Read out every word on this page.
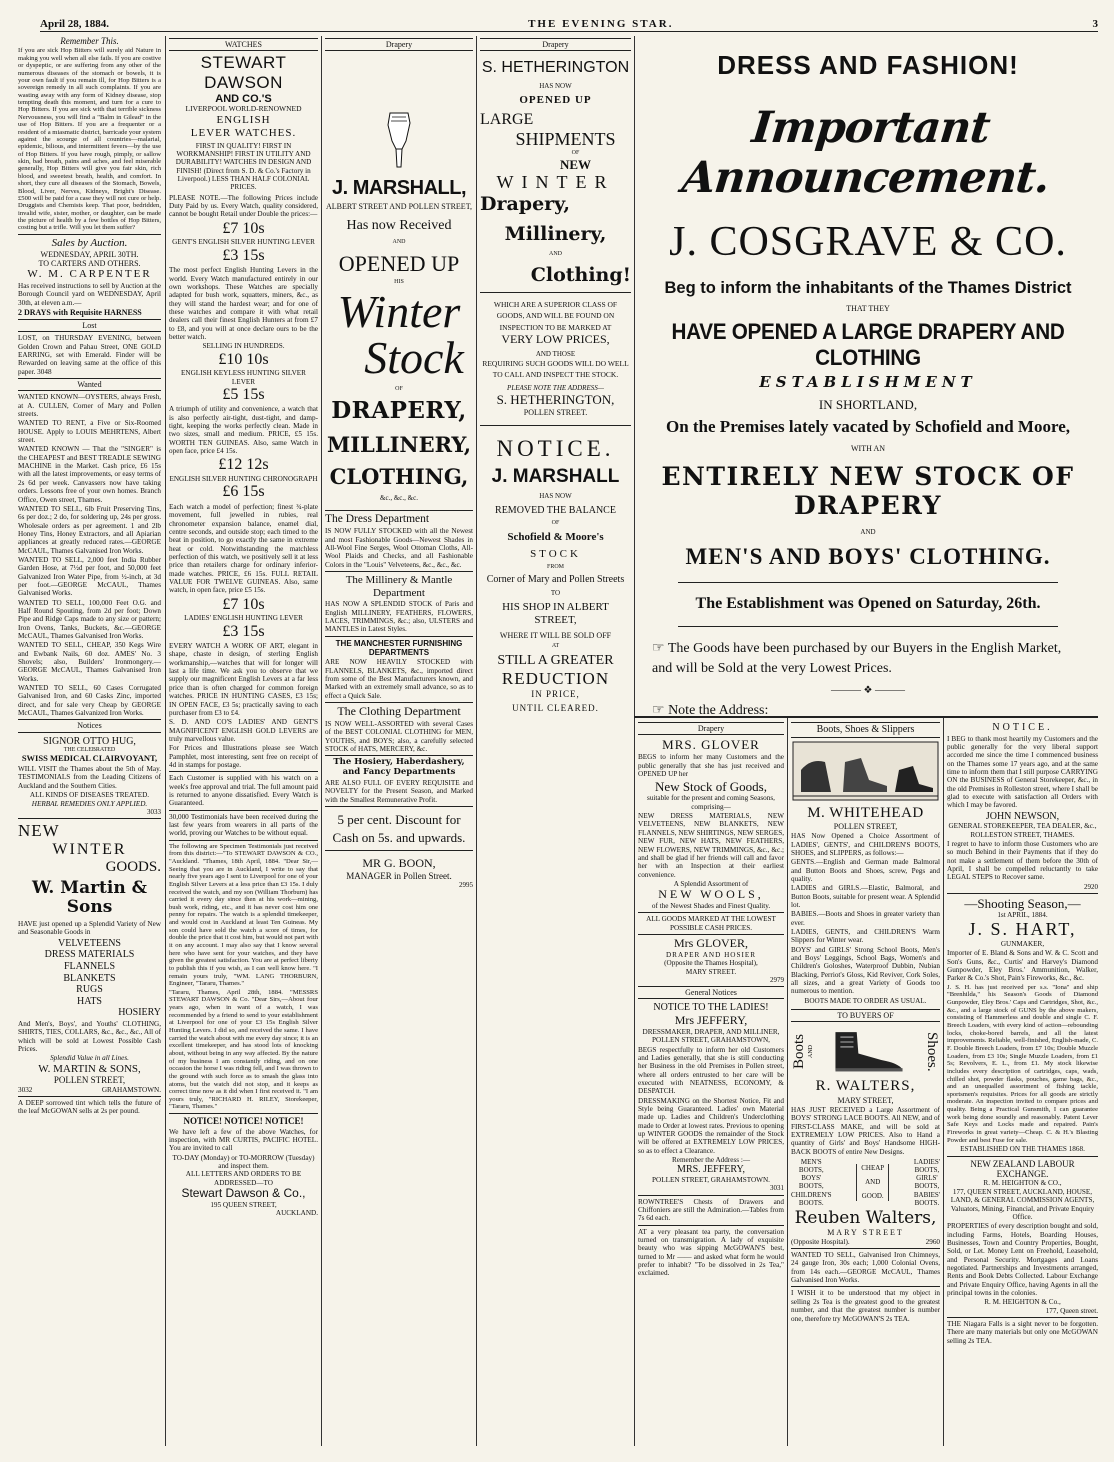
April 28, 1884.	THE EVENING STAR.	3
Remember This.
If you are sick Hop Bitters will surely aid Nature in making you well when all else fails. If you are costive or dyspeptic, or are suffering from any other of the numerous diseases of the stomach or bowels, it is your own fault if you remain ill, for Hop Bitters is a sovereign remedy in all such complaints. If you are wasting away with any form of Kidney disease, stop tempting death this moment, and turn for a cure to Hop Bitters. If you are sick with that terrible sickness Nervousness, you will find a "Balm in Gilead" in the use of Hop Bitters. If you are a frequenter or a resident of a miasmatic district, barricade your system against the scourge of all countries—malarial, epidemic, bilious, and intermittent fevers—by the use of Hop Bitters. If you have rough, pimply, or sallow skin, bad breath, pains and aches, and feel miserable generally, Hop Bitters will give you fair skin, rich blood, and sweetest breath, health, and comfort. In short, they cure all diseases of the Stomach, Bowels, Blood, Liver, Nerves, Kidneys, Bright's Disease. £500 will be paid for a case they will not cure or help. Druggists and Chemists keep. That poor, bedridden, invalid wife, sister, mother, or daughter, can be made the picture of health by a few bottles of Hop Bitters, costing but a trifle. Will you let them suffer?
Sales by Auction.
WEDNESDAY, APRIL 30TH.
TO CARTERS AND OTHERS.
W. M. CARPENTER
Has received instructions to sell by Auction at the Borough Council yard on WEDNESDAY, April 30th, at eleven a.m.—
2 DRAYS with Requisite HARNESS
Lost
LOST, on THURSDAY EVENING, between Golden Crown and Pahau Street, ONE GOLD EARRING, set with Emerald. Finder will be Rewarded on leaving same at the office of this paper. 3048
Wanted
WANTED KNOWN—OYSTERS, always Fresh, at A. CULLEN, Corner of Mary and Pollen streets.
WANTED TO RENT, a Five or Six-Roomed HOUSE. Apply to LOUIS MEHRTENS, Albert street.
WANTED KNOWN — That the "SINGER" is the CHEAPEST and BEST TREADLE SEWING MACHINE in the Market. Cash price, £6 15s with all the latest improvements, or easy terms of 2s 6d per week. Canvassers now have taking orders. Lessons free of your own homes. Branch Office, Owen street, Thames.
WANTED TO SELL, 6lb Fruit Preserving Tins, 6s per doz.; 2 do, for soldering up, 24s per gross. Wholesale orders as per agreement. 1 and 2lb Honey Tins, Honey Extractors, and all Apiarian appliances at greatly reduced rates.—GEORGE McCAUL, Thames Galvanised Iron Works.
WANTED TO SELL, 2,000 feet India Rubber Garden Hose, at 7½d per foot, and 50,000 feet Galvanized Iron Water Pipe, from ½-inch, at 3d per foot.—GEORGE McCAUL, Thames Galvanised Works.
WANTED TO SELL, 100,000 Feet O.G. and Half Round Spouting, from 2d per foot; Down Pipe and Ridge Caps made to any size or pattern; Iron Ovens, Tanks, Buckets, &c.—GEORGE McCAUL, Thames Galvanised Iron Works.
WANTED TO SELL, CHEAP, 350 Kegs Wire and Ewbank Nails, 60 doz. AMES' No. 3 Shovels; also, Builders' Ironmongery.—GEORGE McCAUL, Thames Galvanised Iron Works.
WANTED TO SELL, 60 Cases Corrugated Galvanised Iron, and 60 Casks Zinc, imported direct, and for sale very Cheap by GEORGE McCAUL, Thames Galvanized Iron Works.
Notices
SIGNOR OTTO HUG,
THE CELEBRATED
SWISS MEDICAL CLAIRVOYANT,
WILL VISIT the Thames about the 5th of May. TESTIMONIALS from the Leading Citizens of Auckland and the Southern Cities.
ALL KINDS OF DISEASES TREATED.
HERBAL REMEDIES ONLY APPLIED.
3033
NEW
WINTER
GOODS.
W. Martin & Sons
HAVE just opened up a Splendid Variety of New and Seasonable Goods in
VELVETEENS
DRESS MATERIALS
FLANNELS
BLANKETS
RUGS
HATS
HOSIERY
And Men's, Boys', and Youths' CLOTHING, SHIRTS, TIES, COLLARS, &c., &c., &c., All of which will be sold at Lowest Possible Cash Prices.
Splendid Value in all Lines.
W. MARTIN & SONS,
POLLEN STREET,
3032	GRAHAMSTOWN.
A DEEP sorrowed tint which tells the future of the leaf McGOWAN sells at 2s per pound.
WATCHES
STEWART DAWSON
AND CO.'S
LIVERPOOL WORLD-RENOWNED
ENGLISH
LEVER WATCHES.
FIRST IN QUALITY! FIRST IN WORKMANSHIP! FIRST IN UTILITY AND DURABILITY! WATCHES IN DESIGN AND FINISH! (Direct from S. D. & Co.'s Factory in Liverpool.) LESS THAN HALF COLONIAL PRICES.
PLEASE NOTE.—The following Prices include Duty Paid by us. Every Watch, quality considered, cannot be bought Retail under Double the prices:—
£7 10s
GENT'S ENGLISH SILVER HUNTING LEVER
£3 15s
The most perfect English Hunting Levers in the world. Every Watch manufactured entirely in our own workshops. These Watches are specially adapted for bush work, squatters, miners, &c., as they will stand the hardest wear; and for one of these watches and compare it with what retail dealers call their finest English Hunters at from £7 to £8, and you will at once declare ours to be the better watch.
SELLING IN HUNDREDS.
£10 10s
ENGLISH KEYLESS HUNTING SILVER LEVER
£5 15s
A triumph of utility and convenience, a watch that is also perfectly air-tight, dust-tight, and damp-tight, keeping the works perfectly clean. Made in two sizes, small and medium. PRICE, £5 15s. WORTH TEN GUINEAS. Also, same Watch in open face, price £4 15s.
£12 12s
ENGLISH SILVER HUNTING CHRONOGRAPH
£6 15s
Each watch a model of perfection; finest ¾-plate movement, full jewelled in rubies, real chronometer expansion balance, enamel dial, centre seconds, and outside stop; each timed to the beat in position, to go exactly the same in extreme heat or cold. Notwithstanding the matchless perfection of this watch, we positively sell it at less price than retailers charge for ordinary inferior-made watches. PRICE, £6 15s. FULL RETAIL VALUE FOR TWELVE GUINEAS. Also, same watch, in open face, price £5 15s.
£7 10s
LADIES' ENGLISH HUNTING LEVER
£3 15s
EVERY WATCH A WORK OF ART, elegant in shape, chaste in design, of sterling English workmanship,—watches that will for longer will last a life time. We ask you to observe that we supply our magnificent English Levers at a far less price than is often charged for common foreign watches. PRICE IN HUNTING CASES, £3 15s; IN OPEN FACE, £3 5s; practically saving to each purchaser from £3 to £4.
S. D. AND CO'S LADIES' AND GENT'S MAGNIFICENT ENGLISH GOLD LEVERS are truly marvellous value.
For Prices and Illustrations please see Watch Pamphlet, most interesting, sent free on receipt of 4d in stamps for postage.
Each Customer is supplied with his watch on a week's free approval and trial. The full amount paid is returned to anyone dissatisfied. Every Watch is Guaranteed.
30,000 Testimonials have been received during the last few years from wearers in all parts of the world, proving our Watches to be without equal.
The following are Specimen Testimonials just received from this district:—"To STEWART DAWSON & CO., "Auckland. "Thames, 18th April, 1884. "Dear Sir,—Seeing that you are in Auckland, I write to say that nearly five years ago I sent to Liverpool for one of your English Silver Levers at a less price than £3 15s. I duly received the watch, and my son (William Thorburn) has carried it every day since then at his work—mining, bush work, riding, etc., and it has never cost him one penny for repairs. The watch is a splendid timekeeper, and would cost in Auckland at least Ten Guineas. My son could have sold the watch a score of times, for double the price that it cost him, but would not part with it on any account. I may also say that I know several here who have sent for your watches, and they have given the greatest satisfaction. You are at perfect liberty to publish this if you wish, as I can well know here. "I remain yours truly, "WM. LANG THORBURN, Engineer, "Tararu, Thames."
"Tararu, Thames, April 28th, 1884. "MESSRS STEWART DAWSON & Co. "Dear Sirs,—About four years ago, when in want of a watch, I was recommended by a friend to send to your establishment at Liverpool for one of your £3 15s English Silver Hunting Levers. I did so, and received the same. I have carried the watch about with me every day since; it is an excellent timekeeper, and has stood lots of knocking about, without being in any way affected. By the nature of my business I am constantly riding, and on one occasion the horse I was riding fell, and I was thrown to the ground with such force as to smash the glass into atoms, but the watch did not stop, and it keeps as correct time now as it did when I first received it. "I am yours truly, "RICHARD H. RILEY, Storekeeper, "Tararu, Thames."
NOTICE! NOTICE! NOTICE!
We have left a few of the above Watches, for inspection, with MR CURTIS, PACIFIC HOTEL. You are invited to call
TO-DAY (Monday) or TO-MORROW (Tuesday) and inspect them.
ALL LETTERS AND ORDERS TO BE ADDRESSED—TO
Stewart Dawson & Co.,
195 QUEEN STREET,
AUCKLAND.
Drapery
J. MARSHALL,
ALBERT STREET AND POLLEN STREET,
Has now Received
AND
OPENED UP
HIS
Winter
Stock
OF
DRAPERY,
MILLINERY,
CLOTHING,
&c., &c., &c.
The Dress Department
IS NOW FULLY STOCKED with all the Newest and most Fashionable Goods—Newest Shades in All-Wool Fine Serges, Wool Ottoman Cloths, All-Wool Plaids and Checks, and all Fashionable Colors in the "Louis" Velveteens, &c., &c., &c.
The Millinery & Mantle Department
HAS NOW A SPLENDID STOCK of Paris and English MILLINERY, FEATHERS, FLOWERS, LACES, TRIMMINGS, &c.; also, ULSTERS and MANTLES in Latest Styles.
THE MANCHESTER FURNISHING DEPARTMENTS
ARE NOW HEAVILY STOCKED with FLANNELS, BLANKETS, &c., imported direct from some of the Best Manufacturers known, and Marked with an extremely small advance, so as to effect a Quick Sale.
The Clothing Department
IS NOW WELL-ASSORTED with several Cases of the BEST COLONIAL CLOTHING for MEN, YOUTHS, and BOYS; also, a carefully selected STOCK of HATS, MERCERY, &c.
The Hosiery, Haberdashery, and Fancy Departments
ARE ALSO FULL OF EVERY REQUISITE and NOVELTY for the Present Season, and Marked with the Smallest Remunerative Profit.
5 per cent. Discount for Cash on 5s. and upwards.
MR G. BOON,
MANAGER in Pollen Street.
2995
Drapery
S. HETHERINGTON
HAS NOW
OPENED UP
LARGE
SHIPMENTS
OF
NEW
WINTER
Drapery,
Millinery,
AND
Clothing!
WHICH ARE A SUPERIOR CLASS OF GOODS, AND WILL BE FOUND ON INSPECTION TO BE MARKED AT
VERY LOW PRICES,
AND THOSE
REQUIRING SUCH GOODS WILL DO WELL TO CALL AND INSPECT THE STOCK.
PLEASE NOTE THE ADDRESS—
S. HETHERINGTON,
POLLEN STREET.
NOTICE.
J. MARSHALL
HAS NOW
REMOVED THE BALANCE
OF
Schofield & Moore's
STOCK
FROM
Corner of Mary and Pollen Streets
TO
HIS SHOP IN ALBERT STREET,
WHERE IT WILL BE SOLD OFF
AT
STILL A GREATER
REDUCTION
IN PRICE,
UNTIL CLEARED.
DRESS AND FASHION!
Important Announcement.
J. COSGRAVE & CO.
Beg to inform the inhabitants of the Thames District
THAT THEY
HAVE OPENED A LARGE DRAPERY AND CLOTHING
ESTABLISHMENT
IN SHORTLAND,
On the Premises lately vacated by Schofield and Moore,
WITH AN
ENTIRELY NEW STOCK OF DRAPERY
AND
MEN'S AND BOYS' CLOTHING.
The Establishment was Opened on Saturday, 26th.
☞ The Goods have been purchased by our Buyers in the English Market, and will be Sold at the very Lowest Prices.
——— ❖ ———
☞ Note the Address:
Drapery
MRS. GLOVER
BEGS to inform her many Customers and the public generally that she has just received and OPENED UP her
New Stock of Goods,
suitable for the present and coming Seasons, comprising—
NEW DRESS MATERIALS, NEW VELVETEENS, NEW BLANKETS, NEW FLANNELS, NEW SHIRTINGS, NEW SERGES, NEW FUR, NEW HATS, NEW FEATHERS, NEW FLOWERS, NEW TRIMMINGS, &c., &c.; and shall be glad if her friends will call and favor her with an Inspection at their earliest convenience.
A Splendid Assortment of
NEW WOOLS,
of the Newest Shades and Finest Quality.
ALL GOODS MARKED AT THE LOWEST POSSIBLE CASH PRICES.
Mrs GLOVER,
DRAPER AND HOSIER
(Opposite the Thames Hospital),
MARY STREET.
2979
General Notices
NOTICE TO THE LADIES!
Mrs JEFFERY,
DRESSMAKER, DRAPER, AND MILLINER, POLLEN STREET, GRAHAMSTOWN,
BEGS respectfully to inform her old Customers and Ladies generally, that she is still conducting her Business in the old Premises in Pollen street, where all orders entrusted to her care will be executed with NEATNESS, ECONOMY, & DESPATCH.
DRESSMAKING on the Shortest Notice, Fit and Style being Guaranteed. Ladies' own Material made up. Ladies and Children's Underclothing made to Order at lowest rates. Previous to opening up WINTER GOODS the remainder of the Stock will be offered at EXTREMELY LOW PRICES, so as to effect a Clearance.
Remember the Address :—
MRS. JEFFERY,
POLLEN STREET, GRAHAMSTOWN.
3031
ROWNTREE'S Chests of Drawers and Chiffoniers are still the Admiration.—Tables from 7s 6d each.
AT a very pleasant tea party, the conversation turned on transmigration. A lady of exquisite beauty who was sipping McGOWAN'S best, turned to Mr —— and asked what form he would prefer to inhabit? "To be dissolved in 2s Tea," exclaimed.
Boots, Shoes & Slippers
M. WHITEHEAD
POLLEN STREET,
HAS Now Opened a Choice Assortment of LADIES', GENTS', and CHILDREN'S BOOTS, SHOES, and SLIPPERS, as follows:—
GENTS.—English and German made Balmoral and Button Boots and Shoes, screw, Pegs and quality.
LADIES and GIRLS.—Elastic, Balmoral, and Button Boots, suitable for present wear. A Splendid lot.
BABIES.—Boots and Shoes in greater variety than ever.
LADIES, GENTS, and CHILDREN'S Warm Slippers for Winter wear.
BOYS' and GIRLS' Strong School Boots, Men's and Boys' Leggings, School Bags, Women's and Children's Goloshes, Waterproof Dubbin, Nubian Blacking, Perriot's Gloss, Kid Reviver, Cork Soles, all sizes, and a great Variety of Goods too numerous to mention.
BOOTS MADE TO ORDER AS USUAL.
TO BUYERS OF
Boots AND	Shoes.
R. WALTERS,
MARY STREET,
HAS JUST RECEIVED a Large Assortment of BOYS' STRONG LACE BOOTS. All NEW, and of FIRST-CLASS MAKE, and will be sold at EXTREMELY LOW PRICES. Also to Hand a quantity of Girls' and Boys' Handsome HIGH-BACK BOOTS of entire New Designs.
MEN'S
BOOTS,
BOYS'
BOOTS,
CHILDREN'S
BOOTS.
CHEAP
AND
GOOD.
LADIES'
BOOTS,
GIRLS'
BOOTS,
BABIES'
BOOTS.
Reuben Walters,
MARY STREET
(Opposite Hospital).	2960
WANTED TO SELL, Galvanised Iron Chimneys, 24 gauge Iron, 30s each; 1,000 Colonial Ovens, from 14s each.—GEORGE McCAUL, Thames Galvanised Iron Works.
I WISH it to be understood that my object in selling 2s Tea is the greatest good to the greatest number, and that the greatest number is number one, therefore try McGOWAN'S 2s TEA.
NOTICE.
I BEG to thank most heartily my Customers and the public generally for the very liberal support accorded me since the time I commenced business on the Thames some 17 years ago, and at the same time to inform them that I still purpose CARRYING ON the BUSINESS of General Storekeeper, &c., in the old Premises in Rolleston street, where I shall be glad to execute with satisfaction all Orders with which I may be favored.
JOHN NEWSON,
GENERAL STOREKEEPER, TEA DEALER, &c., ROLLESTON STREET, THAMES.
I regret to have to inform those Customers who are so much Behind in their Payments that if they do not make a settlement of them before the 30th of April, I shall be compelled reluctantly to take LEGAL STEPS to Recover same.
2920
—Shooting Season,—
1st APRIL, 1884.
J. S. HART,
GUNMAKER,
Importer of E. Bland & Sons and W. & C. Scott and Son's Guns, &c., Curtis' and Harvey's Diamond Gunpowder, Eley Bros.' Ammunition, Walker, Parker & Co.'s Shot, Pain's Fireworks, &c., &c.
J. S. H. has just received per s.s. "Iona" and ship "Brenhilda," his Season's Goods of Diamond Gunpowder, Eley Bros.' Caps and Cartridges, Shot, &c., &c., and a large stock of GUNS by the above makers, consisting of Hammerless and double and single C. F. Breech Loaders, with every kind of action—rebounding locks, choke-bored barrels, and all the latest improvements. Reliable, well-finished, English-made, C. F. Double Breech Loaders, from £7 10s; Double Muzzle Loaders, from £3 10s; Single Muzzle Loaders, from £1 5s; Revolvers, E. L., from £1. My stock likewise includes every description of cartridges, caps, wads, chilled shot, powder flasks, pouches, game bags, &c., and an unequalled assortment of fishing tackle, sportsmen's requisites. Prices for all goods are strictly moderate. An inspection invited to compare prices and quality. Being a Practical Gunsmith, I can guarantee work being done soundly and reasonably. Patent Lever Safe Keys and Locks made and repaired. Pain's Fireworks in great variety—Cheap. C. & H.'s Blasting Powder and best Fuse for sale.
ESTABLISHED ON THE THAMES 1868.
NEW ZEALAND LABOUR EXCHANGE.
R. M. HEIGHTON & CO.,
177, QUEEN STREET, AUCKLAND, HOUSE, LAND, & GENERAL COMMISSION AGENTS, Valuators, Mining, Financial, and Private Enquiry Office.
PROPERTIES of every description bought and sold, including Farms, Hotels, Boarding Houses, Businesses, Town and Country Properties, Bought, Sold, or Let. Money Lent on Freehold, Leasehold, and Personal Security. Mortgages and Loans negotiated. Partnerships and Investments arranged, Rents and Book Debts Collected. Labour Exchange and Private Enquiry Office, having Agents in all the principal towns in the colonies.
R. M. HEIGHTON & Co.,
177, Queen street.
THE Niagara Falls is a sight never to be forgotten. There are many materials but only one McGOWAN selling 2s TEA.
